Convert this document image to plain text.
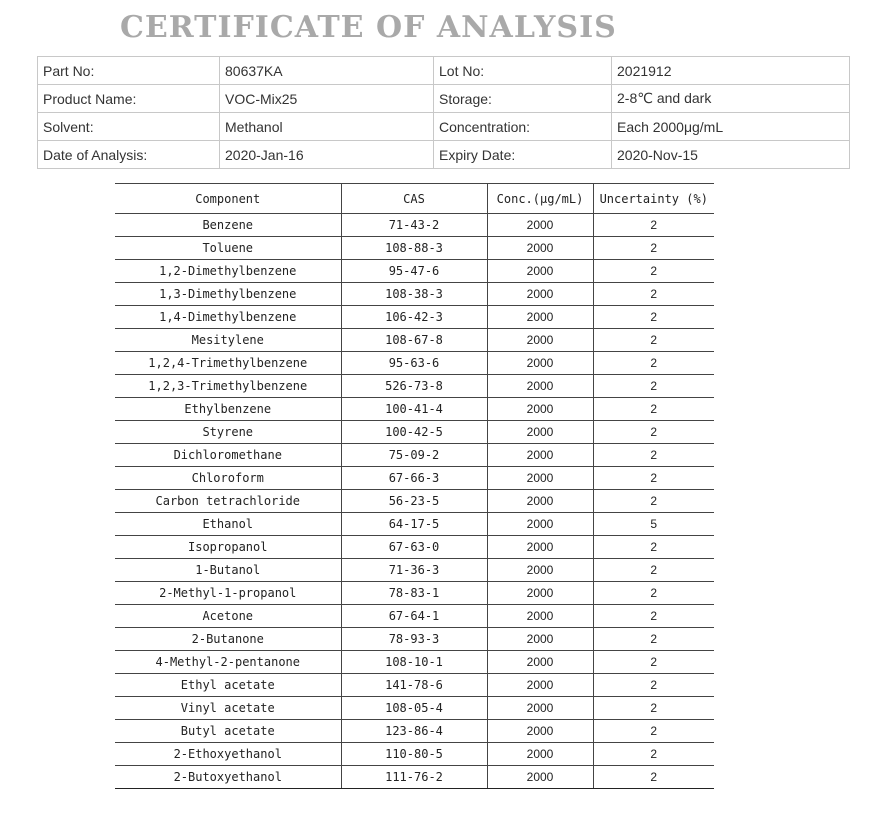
CERTIFICATE OF ANALYSIS
Part No:	80637KA	Lot No:	2021912
Product Name:	VOC-Mix25	Storage:	2-8℃ and dark
Solvent:	Methanol	Concentration:	Each 2000μg/mL
Date of Analysis:	2020-Jan-16	Expiry Date:	2020-Nov-15
Component	CAS	Conc.(μg/mL)	Uncertainty (%)
Benzene	71-43-2	2000	2
Toluene	108-88-3	2000	2
1,2-Dimethylbenzene	95-47-6	2000	2
1,3-Dimethylbenzene	108-38-3	2000	2
1,4-Dimethylbenzene	106-42-3	2000	2
Mesitylene	108-67-8	2000	2
1,2,4-Trimethylbenzene	95-63-6	2000	2
1,2,3-Trimethylbenzene	526-73-8	2000	2
Ethylbenzene	100-41-4	2000	2
Styrene	100-42-5	2000	2
Dichloromethane	75-09-2	2000	2
Chloroform	67-66-3	2000	2
Carbon tetrachloride	56-23-5	2000	2
Ethanol	64-17-5	2000	5
Isopropanol	67-63-0	2000	2
1-Butanol	71-36-3	2000	2
2-Methyl-1-propanol	78-83-1	2000	2
Acetone	67-64-1	2000	2
2-Butanone	78-93-3	2000	2
4-Methyl-2-pentanone	108-10-1	2000	2
Ethyl acetate	141-78-6	2000	2
Vinyl acetate	108-05-4	2000	2
Butyl acetate	123-86-4	2000	2
2-Ethoxyethanol	110-80-5	2000	2
2-Butoxyethanol	111-76-2	2000	2
